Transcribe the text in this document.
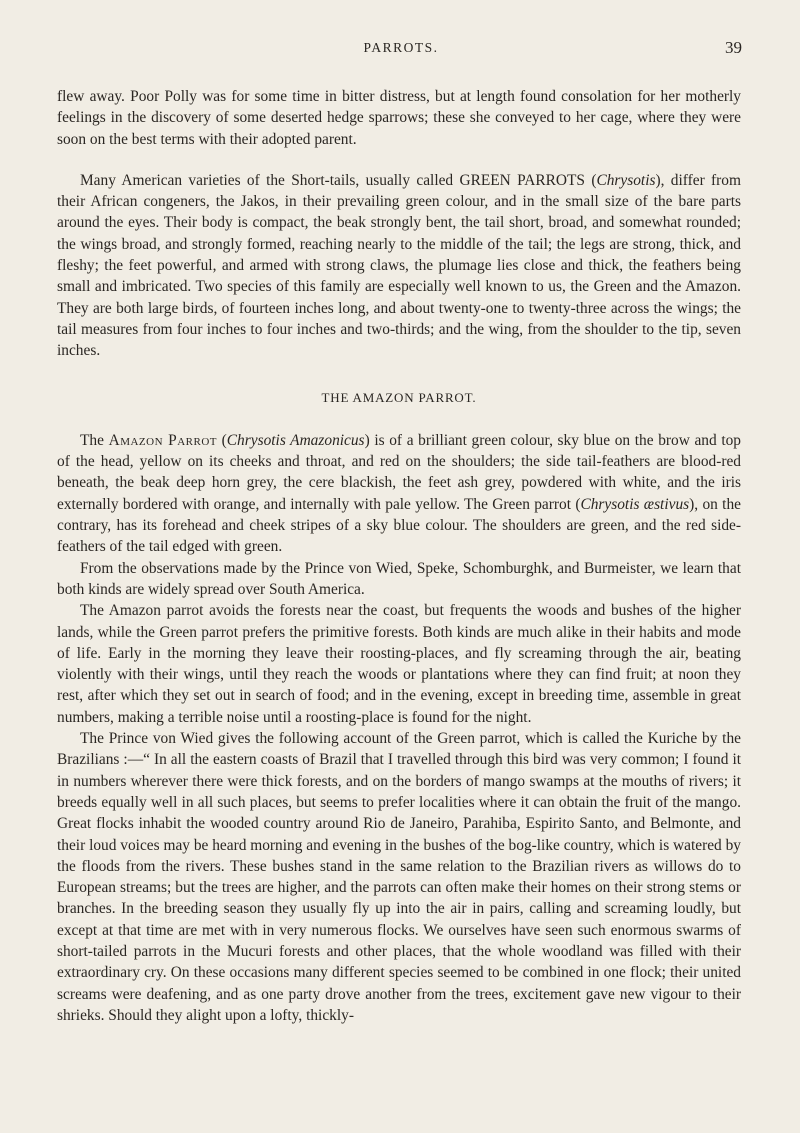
PARROTS.	39

flew away. Poor Polly was for some time in bitter distress, but at length found consolation for her motherly feelings in the discovery of some deserted hedge sparrows; these she conveyed to her cage, where they were soon on the best terms with their adopted parent.

Many American varieties of the Short-tails, usually called GREEN PARROTS (Chrysotis), differ from their African congeners, the Jakos, in their prevailing green colour, and in the small size of the bare parts around the eyes. Their body is compact, the beak strongly bent, the tail short, broad, and somewhat rounded; the wings broad, and strongly formed, reaching nearly to the middle of the tail; the legs are strong, thick, and fleshy; the feet powerful, and armed with strong claws, the plumage lies close and thick, the feathers being small and imbricated. Two species of this family are especially well known to us, the Green and the Amazon. They are both large birds, of fourteen inches long, and about twenty-one to twenty-three across the wings; the tail measures from four inches to four inches and two-thirds; and the wing, from the shoulder to the tip, seven inches.

THE AMAZON PARROT.

The Amazon Parrot (Chrysotis Amazonicus) is of a brilliant green colour, sky blue on the brow and top of the head, yellow on its cheeks and throat, and red on the shoulders; the side tail-feathers are blood-red beneath, the beak deep horn grey, the cere blackish, the feet ash grey, powdered with white, and the iris externally bordered with orange, and internally with pale yellow. The Green parrot (Chrysotis æstivus), on the contrary, has its forehead and cheek stripes of a sky blue colour. The shoulders are green, and the red side-feathers of the tail edged with green.

From the observations made by the Prince von Wied, Speke, Schomburghk, and Burmeister, we learn that both kinds are widely spread over South America.

The Amazon parrot avoids the forests near the coast, but frequents the woods and bushes of the higher lands, while the Green parrot prefers the primitive forests. Both kinds are much alike in their habits and mode of life. Early in the morning they leave their roosting-places, and fly screaming through the air, beating violently with their wings, until they reach the woods or plantations where they can find fruit; at noon they rest, after which they set out in search of food; and in the evening, except in breeding time, assemble in great numbers, making a terrible noise until a roosting-place is found for the night.

The Prince von Wied gives the following account of the Green parrot, which is called the Kuriche by the Brazilians :—“ In all the eastern coasts of Brazil that I travelled through this bird was very common; I found it in numbers wherever there were thick forests, and on the borders of mango swamps at the mouths of rivers; it breeds equally well in all such places, but seems to prefer localities where it can obtain the fruit of the mango. Great flocks inhabit the wooded country around Rio de Janeiro, Parahiba, Espirito Santo, and Belmonte, and their loud voices may be heard morning and evening in the bushes of the bog-like country, which is watered by the floods from the rivers. These bushes stand in the same relation to the Brazilian rivers as willows do to European streams; but the trees are higher, and the parrots can often make their homes on their strong stems or branches. In the breeding season they usually fly up into the air in pairs, calling and screaming loudly, but except at that time are met with in very numerous flocks. We ourselves have seen such enormous swarms of short-tailed parrots in the Mucuri forests and other places, that the whole woodland was filled with their extraordinary cry. On these occasions many different species seemed to be combined in one flock; their united screams were deafening, and as one party drove another from the trees, excitement gave new vigour to their shrieks. Should they alight upon a lofty, thickly-
